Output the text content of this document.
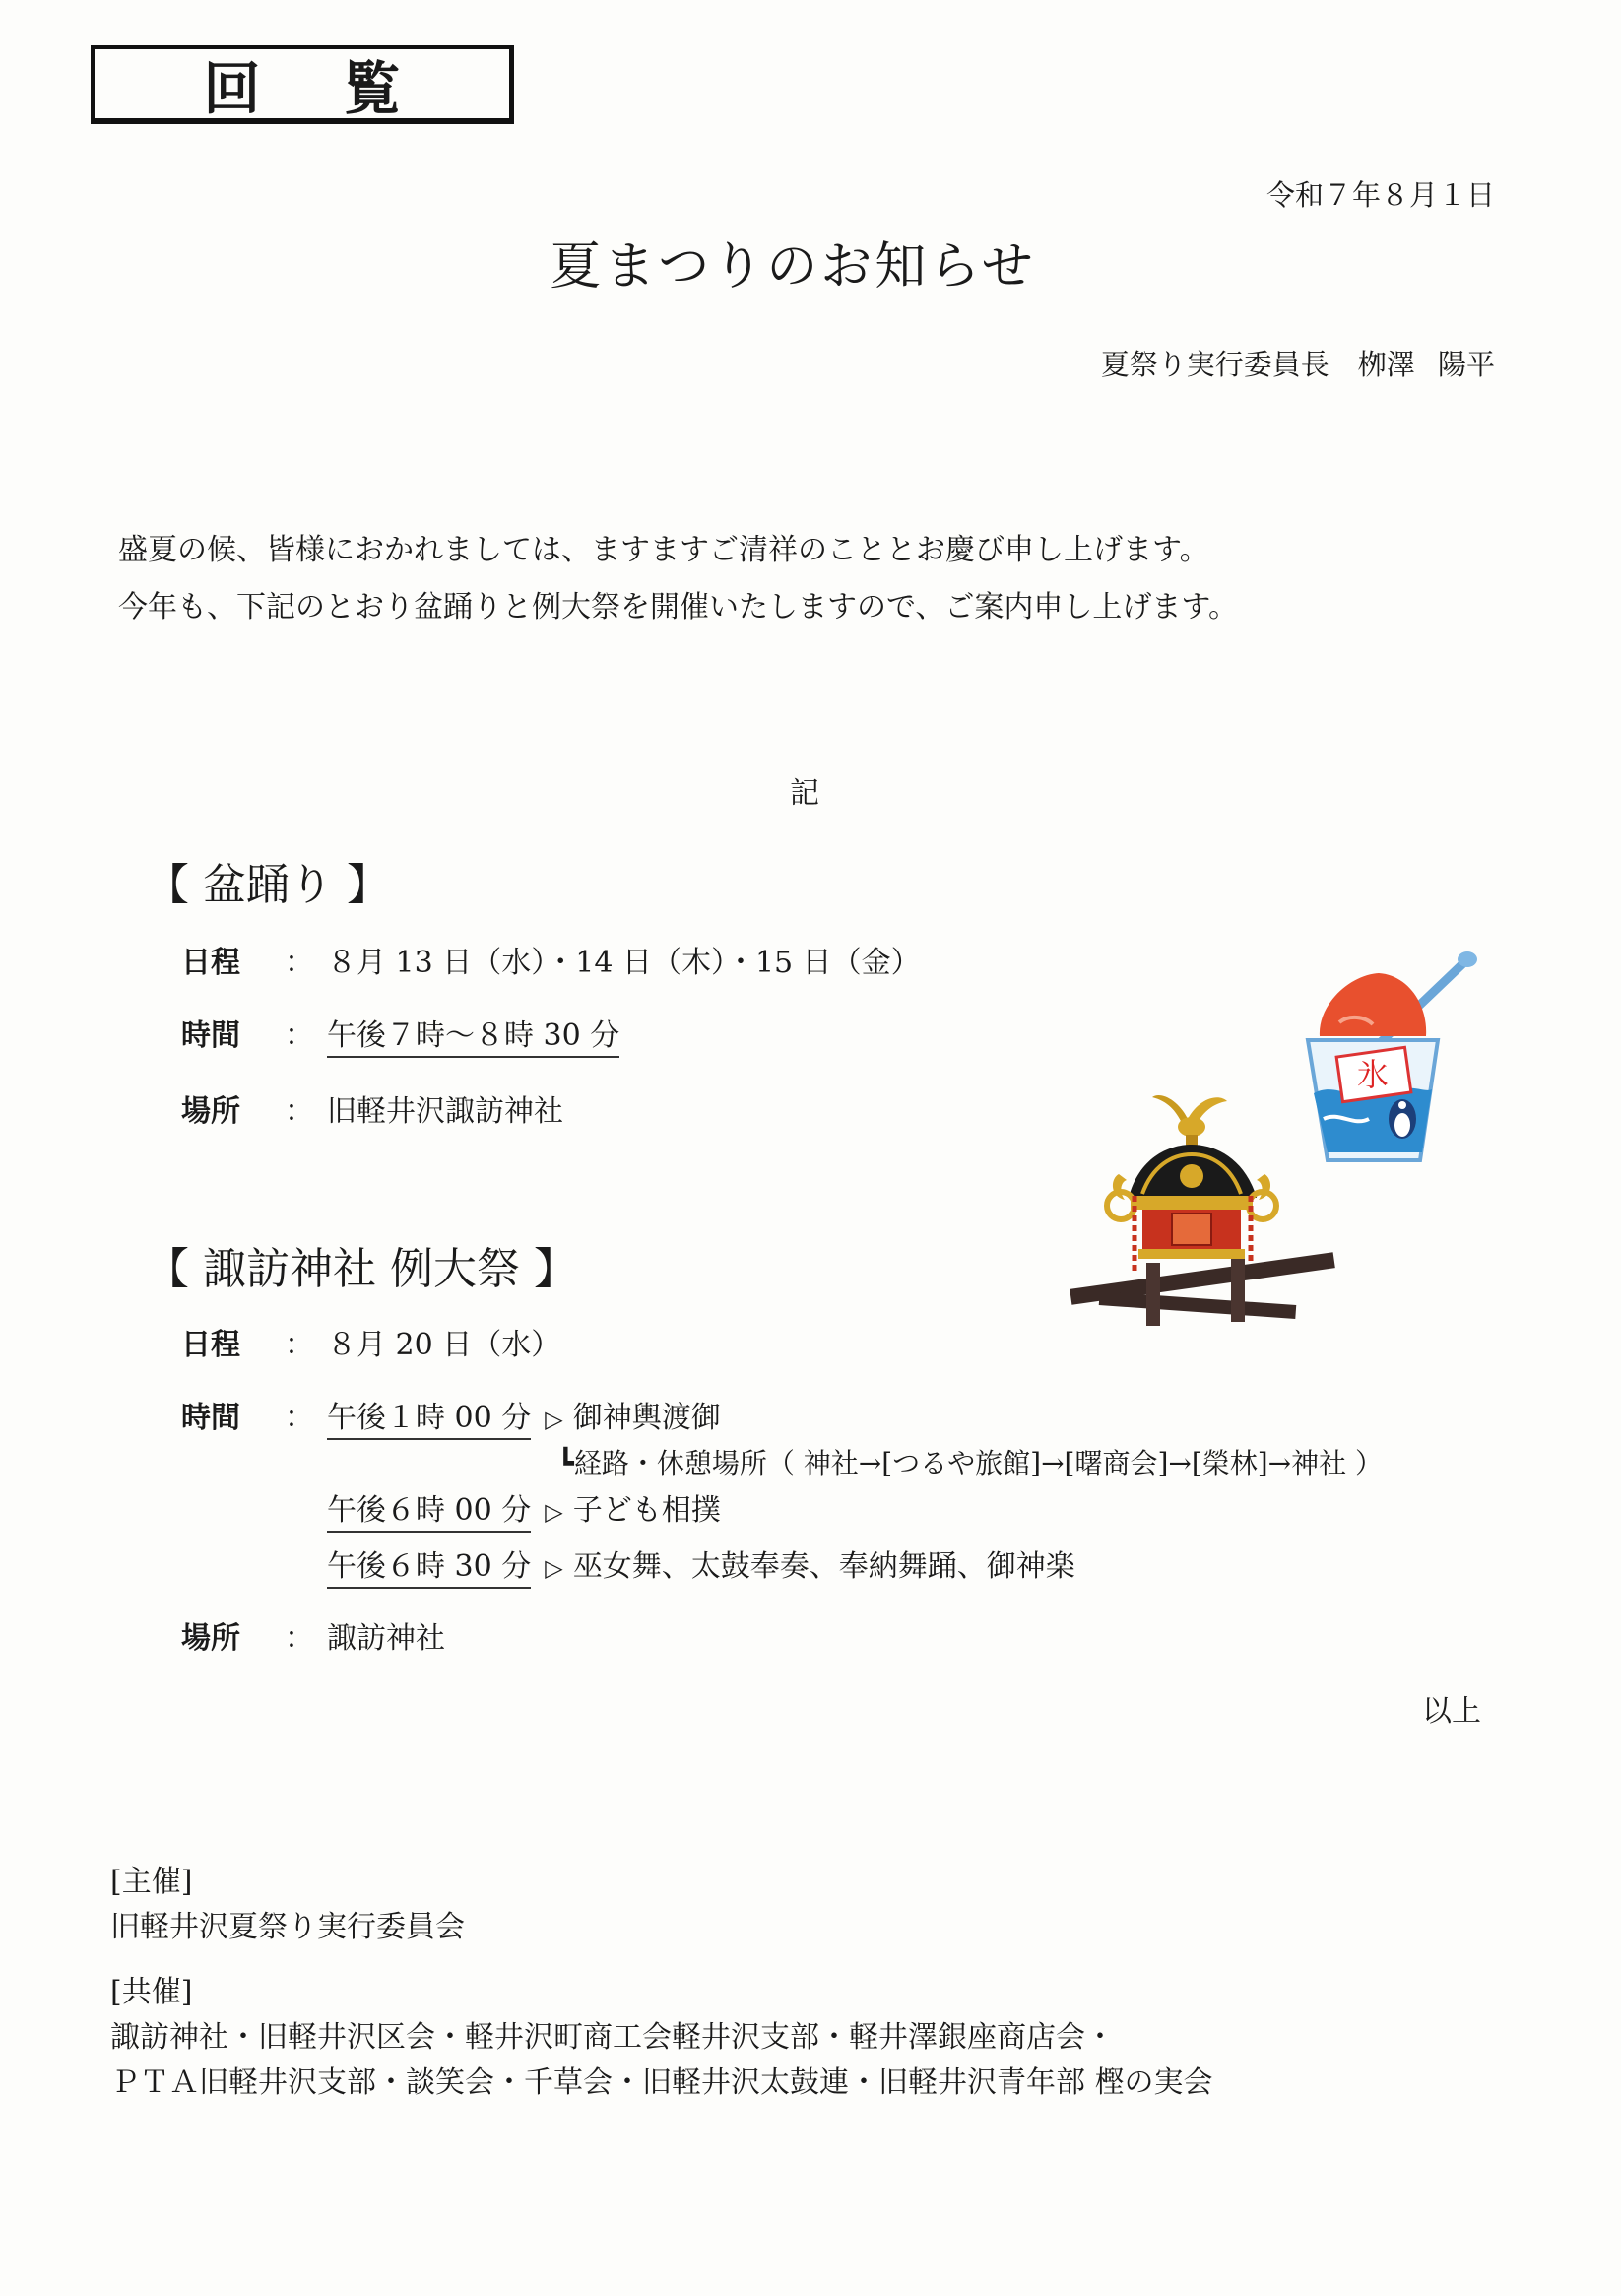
回覧
令和７年８月１日
夏まつりのお知らせ
夏祭り実行委員長　栁澤 陽平
盛夏の候、皆様におかれましては、ますますご清祥のこととお慶び申し上げます。
今年も、下記のとおり盆踊りと例大祭を開催いたしますので、ご案内申し上げます。
記
【 盆踊り 】
日程 ： ８月 13 日（水）・14 日（木）・15 日（金）
時間 ： 午後７時～８時 30 分
場所 ： 旧軽井沢諏訪神社
【 諏訪神社 例大祭 】
日程 ： ８月 20 日（水）
時間 ： 午後１時 00 分 ▷ 御神輿渡御
┗経路・休憩場所（ 神社→[つるや旅館]→[曙商会]→[榮林]→神社 ）
午後６時 00 分 ▷ 子ども相撲
午後６時 30 分 ▷ 巫女舞、太鼓奉奏、奉納舞踊、御神楽
場所 ： 諏訪神社
以上
[主催]
旧軽井沢夏祭り実行委員会
[共催]
諏訪神社・旧軽井沢区会・軽井沢町商工会軽井沢支部・軽井澤銀座商店会・
ＰＴＡ旧軽井沢支部・談笑会・千草会・旧軽井沢太鼓連・旧軽井沢青年部 樫の実会
氷
